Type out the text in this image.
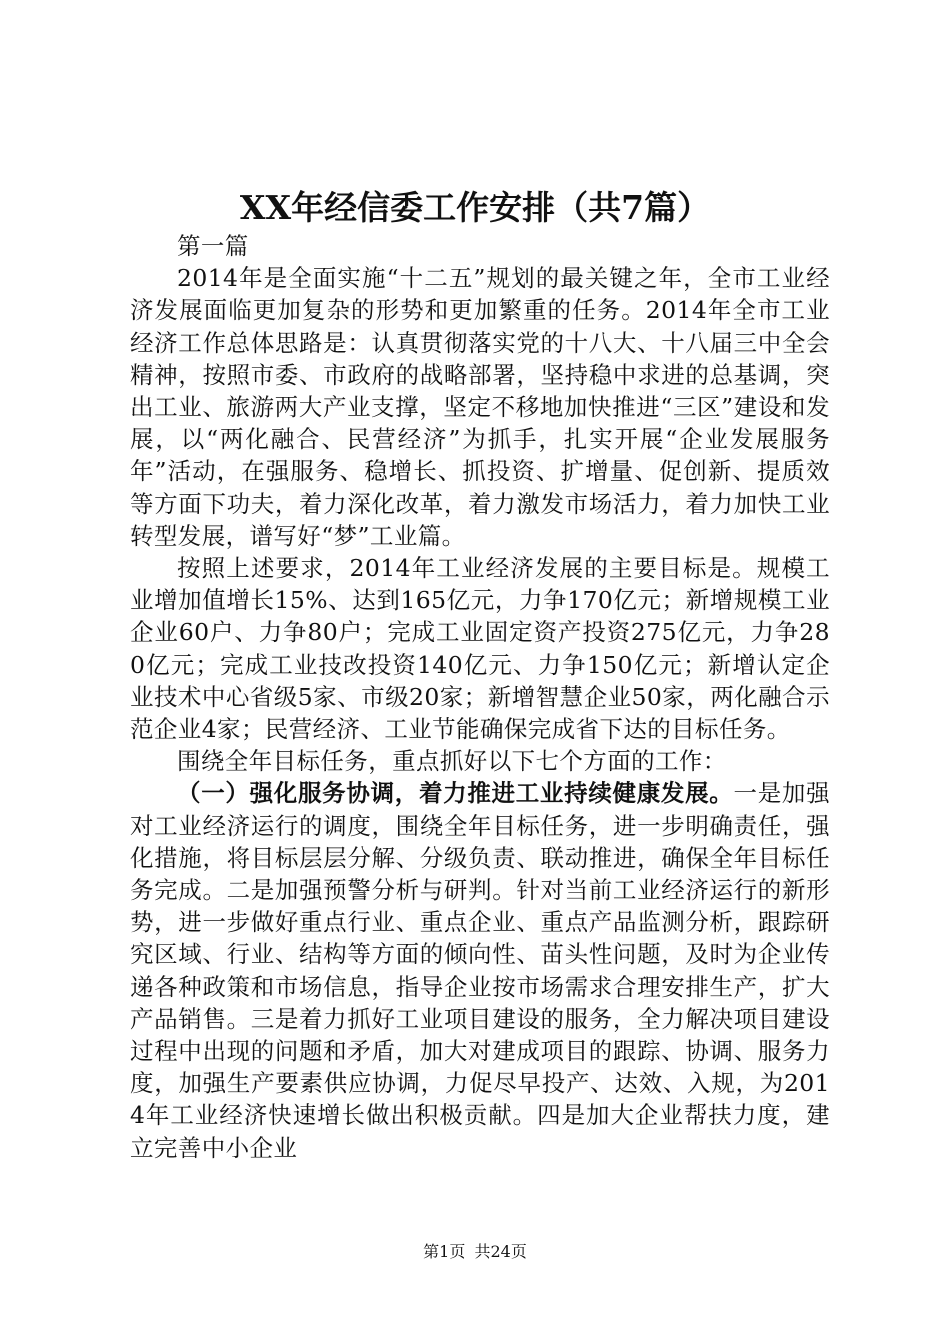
XX年经信委工作安排（共7篇）

第一篇

2014年是全面实施“十二五”规划的最关键之年，全市工业经济发展面临更加复杂的形势和更加繁重的任务。2014年全市工业经济工作总体思路是：认真贯彻落实党的十八大、十八届三中全会精神，按照市委、市政府的战略部署，坚持稳中求进的总基调，突出工业、旅游两大产业支撑，坚定不移地加快推进“三区”建设和发展，以“两化融合、民营经济”为抓手，扎实开展“企业发展服务年”活动，在强服务、稳增长、抓投资、扩增量、促创新、提质效等方面下功夫，着力深化改革，着力激发市场活力，着力加快工业转型发展，谱写好“梦”工业篇。

按照上述要求，2014年工业经济发展的主要目标是。规模工业增加值增长15%、达到165亿元，力争170亿元；新增规模工业企业60户、力争80户；完成工业固定资产投资275亿元，力争280亿元；完成工业技改投资140亿元、力争150亿元；新增认定企业技术中心省级5家、市级20家；新增智慧企业50家，两化融合示范企业4家；民营经济、工业节能确保完成省下达的目标任务。

围绕全年目标任务，重点抓好以下七个方面的工作：

（一）强化服务协调，着力推进工业持续健康发展。一是加强对工业经济运行的调度，围绕全年目标任务，进一步明确责任，强化措施，将目标层层分解、分级负责、联动推进，确保全年目标任务完成。二是加强预警分析与研判。针对当前工业经济运行的新形势，进一步做好重点行业、重点企业、重点产品监测分析，跟踪研究区域、行业、结构等方面的倾向性、苗头性问题，及时为企业传递各种政策和市场信息，指导企业按市场需求合理安排生产，扩大产品销售。三是着力抓好工业项目建设的服务，全力解决项目建设过程中出现的问题和矛盾，加大对建成项目的跟踪、协调、服务力度，加强生产要素供应协调，力促尽早投产、达效、入规，为2014年工业经济快速增长做出积极贡献。四是加大企业帮扶力度，建立完善中小企业

第1页 共24页
